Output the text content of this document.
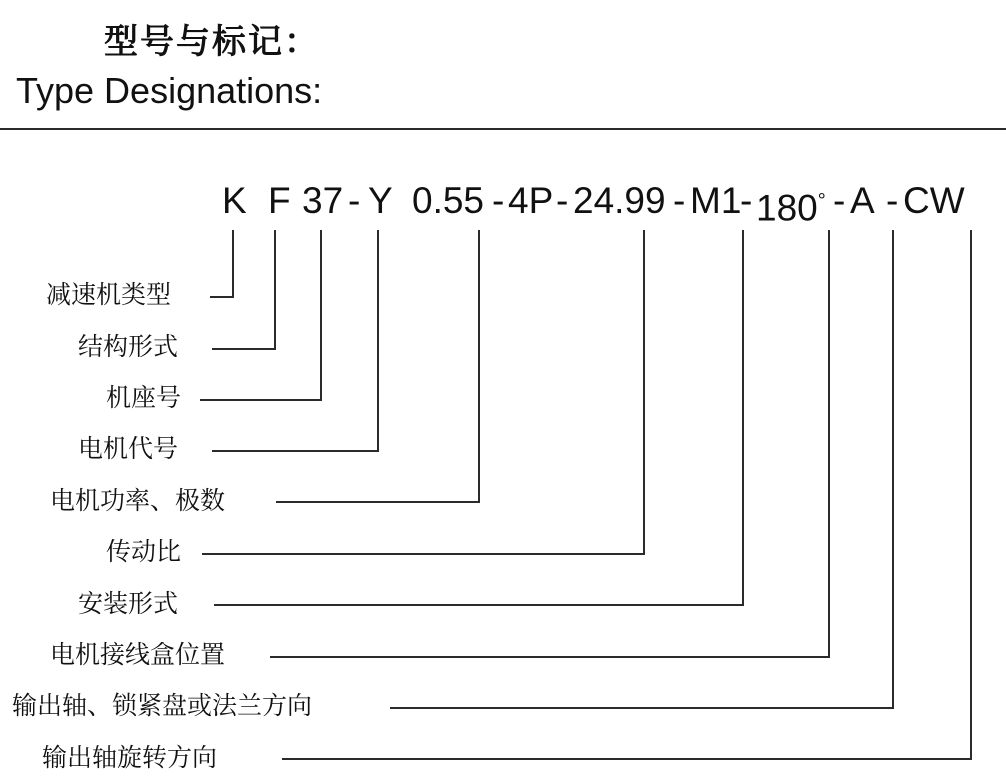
型号与标记：
Type Designations:
K F 37 - Y 0.55 - 4P - 24.99 - M1
- 180° - A - CW
减速机类型
结构形式
机座号
电机代号
电机功率、极数
传动比
安装形式
电机接线盒位置
输出轴、锁紧盘或法兰方向
输出轴旋转方向
